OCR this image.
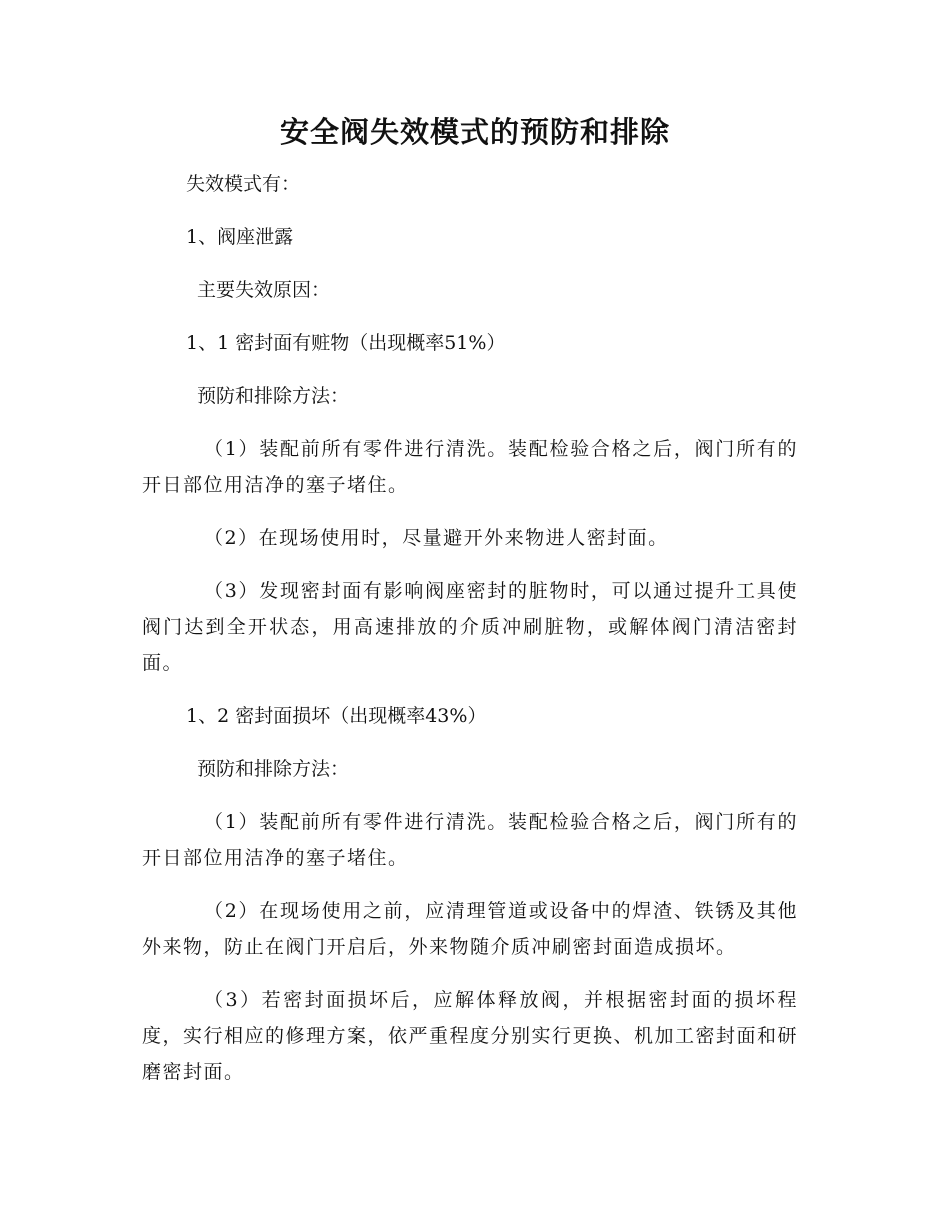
安全阀失效模式的预防和排除

失效模式有：

1、阀座泄露

主要失效原因：

1、1 密封面有赃物（出现概率51%）

预防和排除方法：

（1）装配前所有零件进行清洗。装配检验合格之后，阀门所有的开日部位用洁净的塞子堵住。

（2）在现场使用时，尽量避开外来物进人密封面。

（3）发现密封面有影响阀座密封的脏物时，可以通过提升工具使阀门达到全开状态，用高速排放的介质冲刷脏物，或解体阀门清洁密封面。

1、2 密封面损坏（出现概率43%）

预防和排除方法：

（1）装配前所有零件进行清洗。装配检验合格之后，阀门所有的开日部位用洁净的塞子堵住。

（2）在现场使用之前，应清理管道或设备中的焊渣、铁锈及其他外来物，防止在阀门开启后，外来物随介质冲刷密封面造成损坏。

（3）若密封面损坏后，应解体释放阀，并根据密封面的损坏程度，实行相应的修理方案，依严重程度分别实行更换、机加工密封面和研磨密封面。
